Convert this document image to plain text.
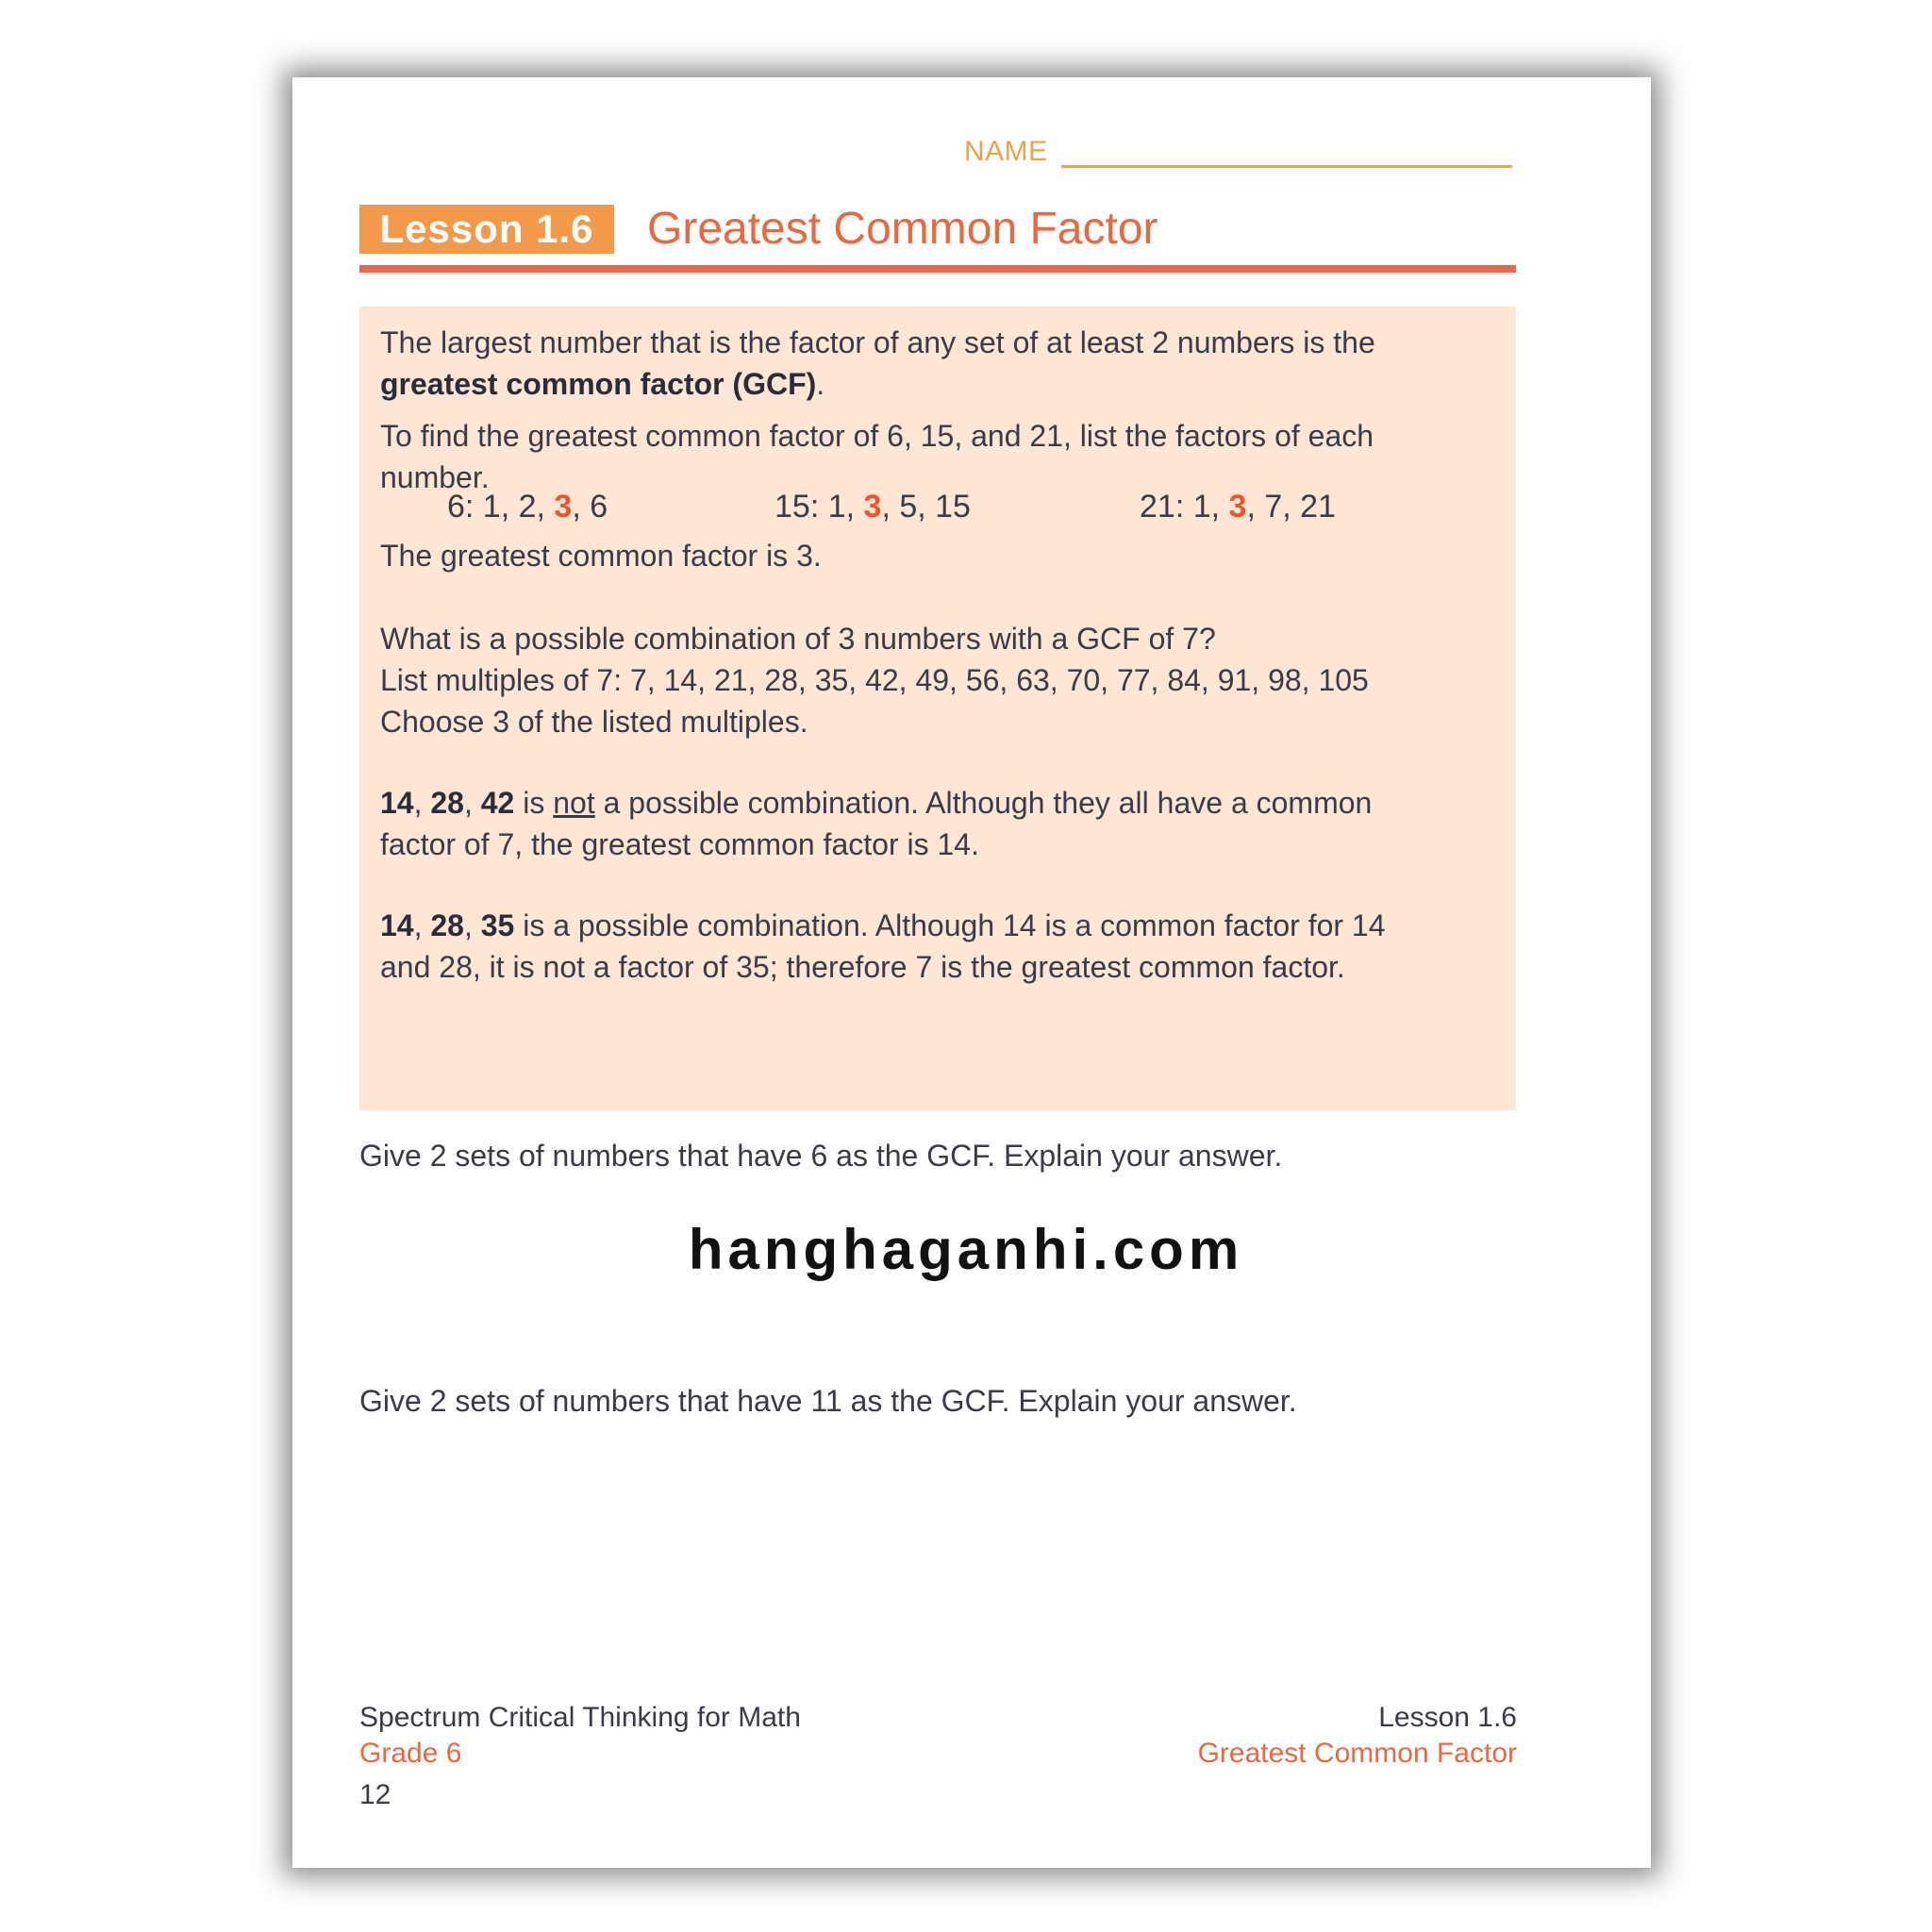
NAME
Lesson 1.6	Greatest Common Factor
The largest number that is the factor of any set of at least 2 numbers is the
greatest common factor (GCF).
To find the greatest common factor of 6, 15, and 21, list the factors of each
number.
6: 1, 2, 3, 6	15: 1, 3, 5, 15	21: 1, 3, 7, 21
The greatest common factor is 3.
What is a possible combination of 3 numbers with a GCF of 7?
List multiples of 7: 7, 14, 21, 28, 35, 42, 49, 56, 63, 70, 77, 84, 91, 98, 105
Choose 3 of the listed multiples.
14, 28, 42 is not a possible combination. Although they all have a common
factor of 7, the greatest common factor is 14.
14, 28, 35 is a possible combination. Although 14 is a common factor for 14
and 28, it is not a factor of 35; therefore 7 is the greatest common factor.
Give 2 sets of numbers that have 6 as the GCF. Explain your answer.
Give 2 sets of numbers that have 11 as the GCF. Explain your answer.
Spectrum Critical Thinking for Math
Grade 6
12
Lesson 1.6
Greatest Common Factor
hanghaganhi.com
